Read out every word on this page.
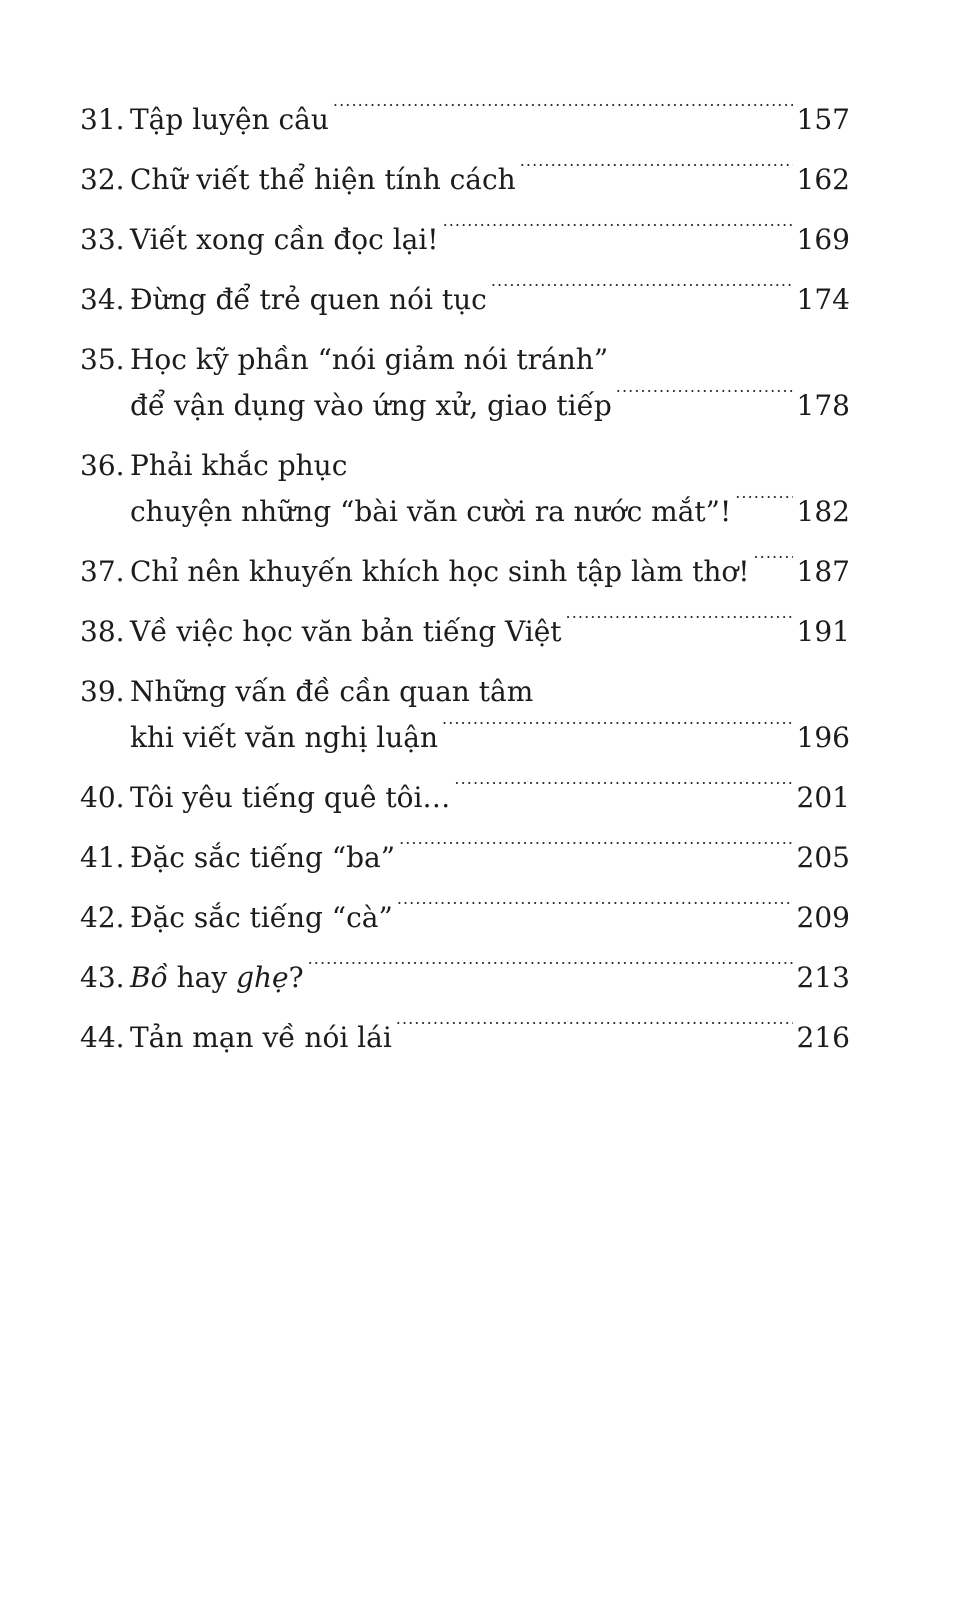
31. Tập luyện câu . . .	157
32. Chữ viết thể hiện tính cách . . .	162
33. Viết xong cần đọc lại! . . .	169
34. Đừng để trẻ quen nói tục . . .	174
35. Học kỹ phần “nói giảm nói tránh”
để vận dụng vào ứng xử, giao tiếp . . .	178
36. Phải khắc phục
chuyện những “bài văn cười ra nước mắt”! . . . 182
37. Chỉ nên khuyến khích học sinh tập làm thơ! . . . 187
38. Về việc học văn bản tiếng Việt . . .	191
39. Những vấn đề cần quan tâm
khi viết văn nghị luận . . .	196
40. Tôi yêu tiếng quê tôi… . . .	201
41. Đặc sắc tiếng “ba” . . .	205
42. Đặc sắc tiếng “cà” . . .	209
43. Bồ hay ghẹ? . . .	213
44. Tản mạn về nói lái . . .	216
